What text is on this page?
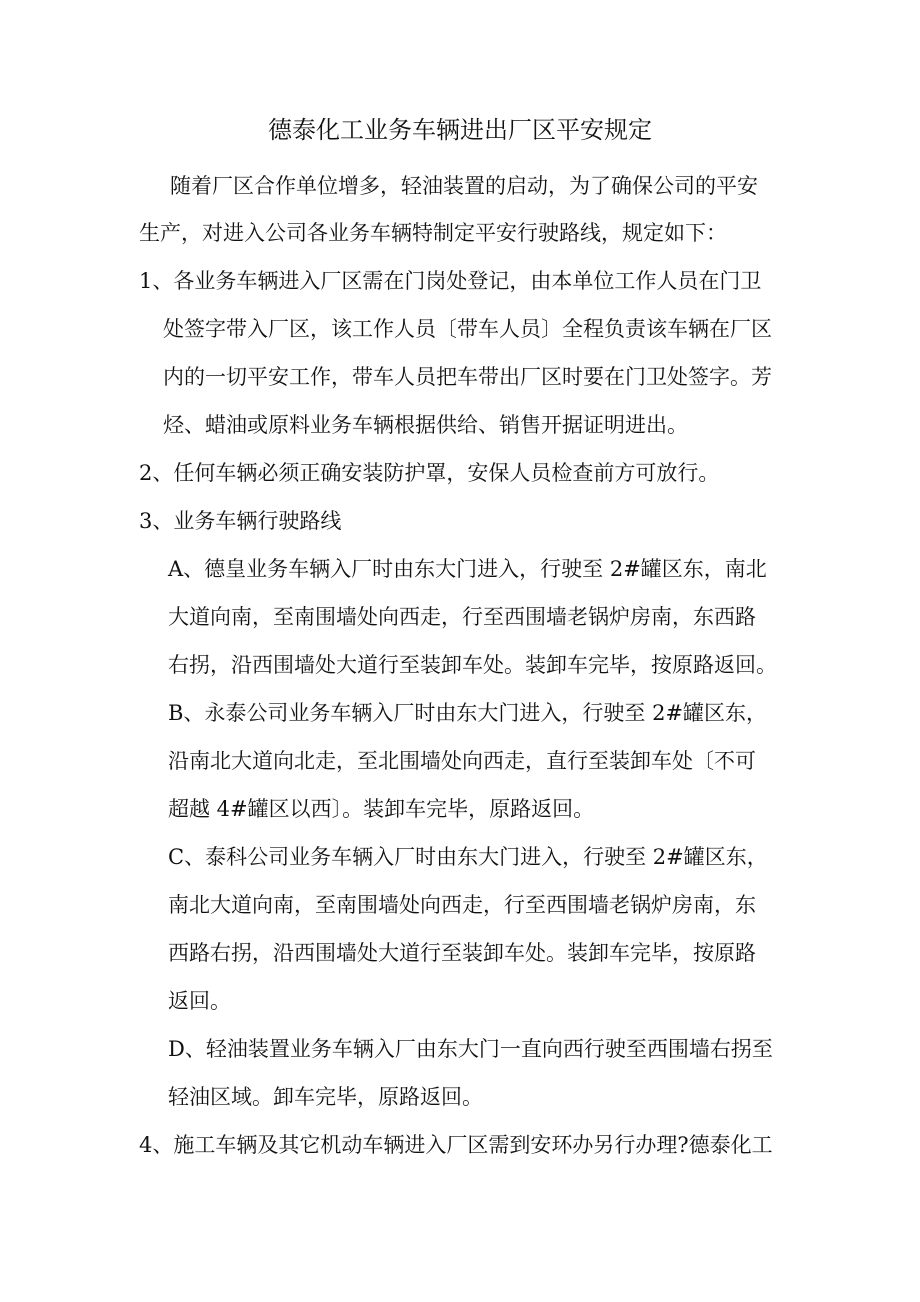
德泰化工业务车辆进出厂区平安规定
随着厂区合作单位增多，轻油装置的启动，为了确保公司的平安
生产，对进入公司各业务车辆特制定平安行驶路线，规定如下：
1、各业务车辆进入厂区需在门岗处登记，由本单位工作人员在门卫
处签字带入厂区，该工作人员〔带车人员〕全程负责该车辆在厂区
内的一切平安工作，带车人员把车带出厂区时要在门卫处签字。芳
烃、蜡油或原料业务车辆根据供给、销售开据证明进出。
2、任何车辆必须正确安装防护罩，安保人员检查前方可放行。
3、业务车辆行驶路线
A、德皇业务车辆入厂时由东大门进入，行驶至 2#罐区东，南北
大道向南，至南围墙处向西走，行至西围墙老锅炉房南，东西路
右拐，沿西围墙处大道行至装卸车处。装卸车完毕，按原路返回。
B、永泰公司业务车辆入厂时由东大门进入，行驶至 2#罐区东，
沿南北大道向北走，至北围墙处向西走，直行至装卸车处〔不可
超越 4#罐区以西〕。装卸车完毕，原路返回。
C、泰科公司业务车辆入厂时由东大门进入，行驶至 2#罐区东，
南北大道向南，至南围墙处向西走，行至西围墙老锅炉房南，东
西路右拐，沿西围墙处大道行至装卸车处。装卸车完毕，按原路
返回。
D、轻油装置业务车辆入厂由东大门一直向西行驶至西围墙右拐至
轻油区域。卸车完毕，原路返回。
4、施工车辆及其它机动车辆进入厂区需到安环办另行办理?德泰化工
